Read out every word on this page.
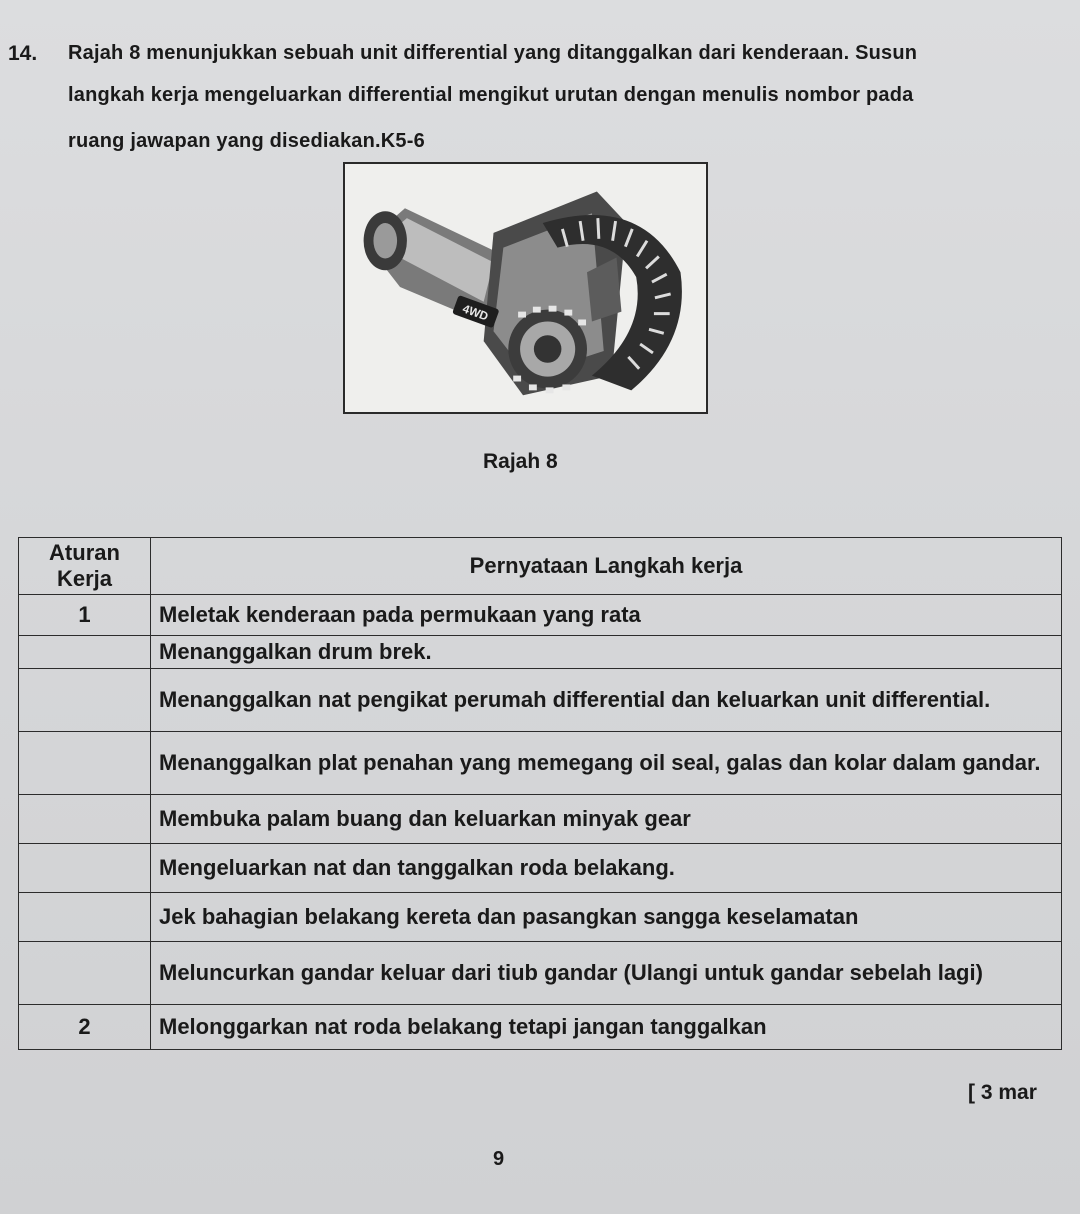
14. Rajah 8 menunjukkan sebuah unit differential yang ditanggalkan dari kenderaan. Susun
langkah kerja mengeluarkan differential mengikut urutan dengan menulis nombor pada
ruang jawapan yang disediakan.K5-6
4WD
Rajah 8
Aturan Kerja	Pernyataan Langkah kerja
1	Meletak kenderaan pada permukaan yang rata
	Menanggalkan drum brek.
	Menanggalkan nat pengikat perumah differential dan keluarkan unit differential.
	Menanggalkan plat penahan yang memegang oil seal, galas dan kolar dalam gandar.
	Membuka palam buang dan keluarkan minyak gear
	Mengeluarkan nat dan tanggalkan roda belakang.
	Jek bahagian belakang kereta dan pasangkan sangga keselamatan
	Meluncurkan gandar keluar dari tiub gandar (Ulangi untuk gandar sebelah lagi)
2	Melonggarkan nat roda belakang tetapi jangan tanggalkan
[ 3 mar
9
